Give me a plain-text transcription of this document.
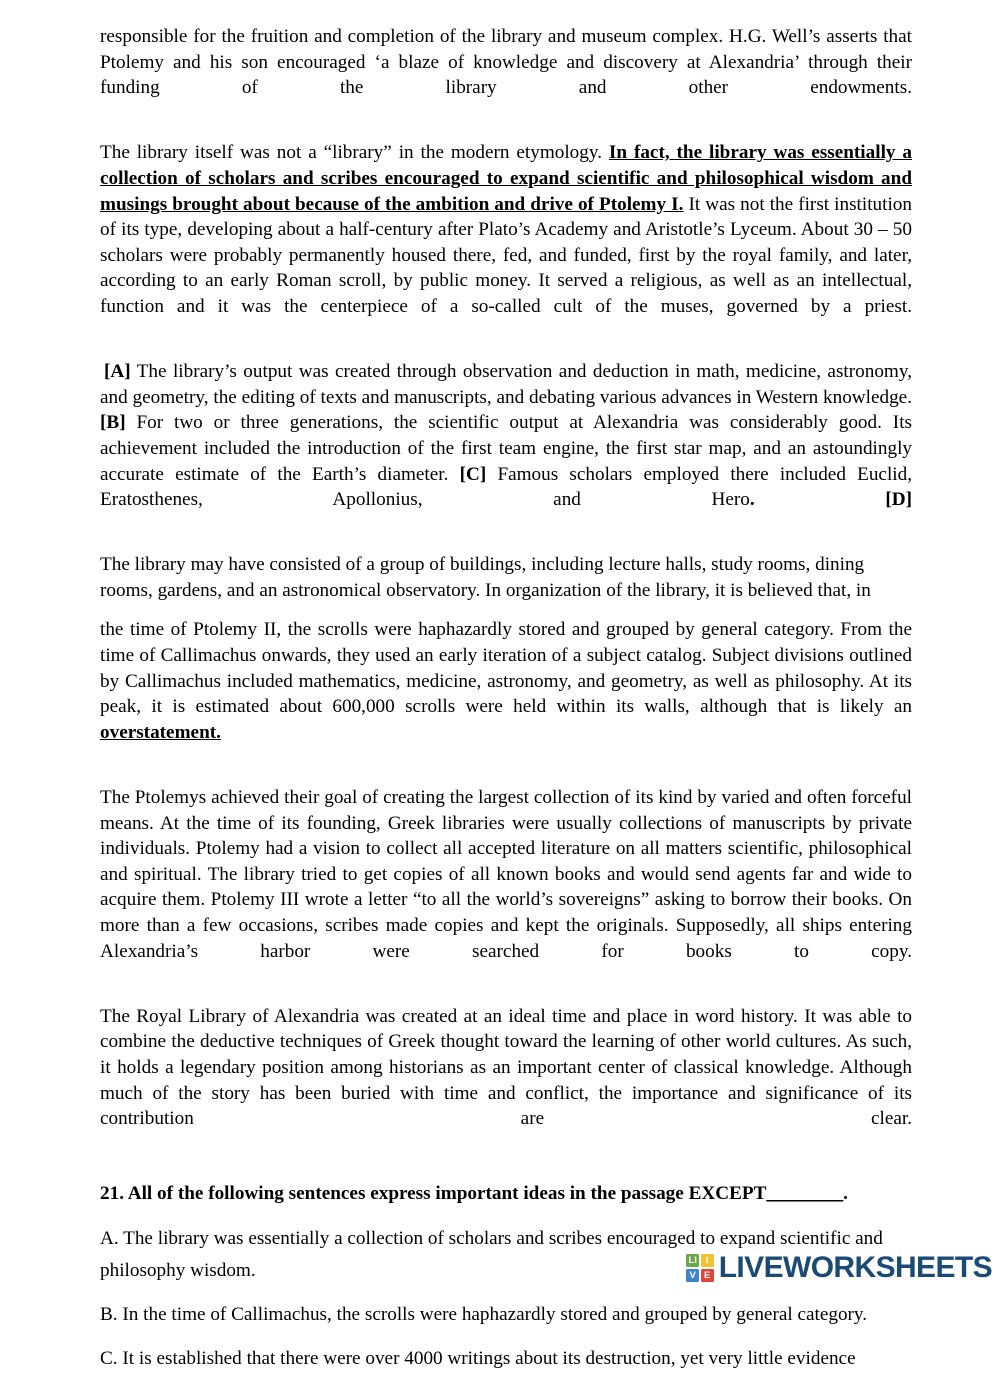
responsible for the fruition and completion of the library and museum complex. H.G. Well’s asserts that Ptolemy and his son encouraged ‘a blaze of knowledge and discovery at Alexandria’ through their funding of the library and other endowments.

The library itself was not a “library” in the modern etymology. In fact, the library was essentially a collection of scholars and scribes encouraged to expand scientific and philosophical wisdom and musings brought about because of the ambition and drive of Ptolemy I. It was not the first institution of its type, developing about a half-century after Plato’s Academy and Aristotle’s Lyceum. About 30 – 50 scholars were probably permanently housed there, fed, and funded, first by the royal family, and later, according to an early Roman scroll, by public money. It served a religious, as well as an intellectual, function and it was the centerpiece of a so-called cult of the muses, governed by a priest.

[A] The library’s output was created through observation and deduction in math, medicine, astronomy, and geometry, the editing of texts and manuscripts, and debating various advances in Western knowledge. [B] For two or three generations, the scientific output at Alexandria was considerably good. Its achievement included the introduction of the first team engine, the first star map, and an astoundingly accurate estimate of the Earth’s diameter. [C] Famous scholars employed there included Euclid, Eratosthenes, Apollonius, and Hero.	[D]

The library may have consisted of a group of buildings, including lecture halls, study rooms, dining rooms, gardens, and an astronomical observatory. In organization of the library, it is believed that, in

the time of Ptolemy II, the scrolls were haphazardly stored and grouped by general category. From the time of Callimachus onwards, they used an early iteration of a subject catalog. Subject divisions outlined by Callimachus included mathematics, medicine, astronomy, and geometry, as well as philosophy. At its peak, it is estimated about 600,000 scrolls were held within its walls, although that is likely an overstatement.

The Ptolemys achieved their goal of creating the largest collection of its kind by varied and often forceful means. At the time of its founding, Greek libraries were usually collections of manuscripts by private individuals. Ptolemy had a vision to collect all accepted literature on all matters scientific, philosophical and spiritual. The library tried to get copies of all known books and would send agents far and wide to acquire them. Ptolemy III wrote a letter “to all the world’s sovereigns” asking to borrow their books. On more than a few occasions, scribes made copies and kept the originals. Supposedly, all ships entering Alexandria’s harbor were searched for books to copy.

The Royal Library of Alexandria was created at an ideal time and place in word history. It was able to combine the deductive techniques of Greek thought toward the learning of other world cultures. As such, it holds a legendary position among historians as an important center of classical knowledge. Although much of the story has been buried with time and conflict, the importance and significance of its contribution are clear.

21. All of the following sentences express important ideas in the passage EXCEPT________.

A. The library was essentially a collection of scholars and scribes encouraged to expand scientific and philosophy wisdom.

B. In the time of Callimachus, the scrolls were haphazardly stored and grouped by general category.

C. It is established that there were over 4000 writings about its destruction, yet very little evidence

LI I
V E LIVEWORKSHEETS
